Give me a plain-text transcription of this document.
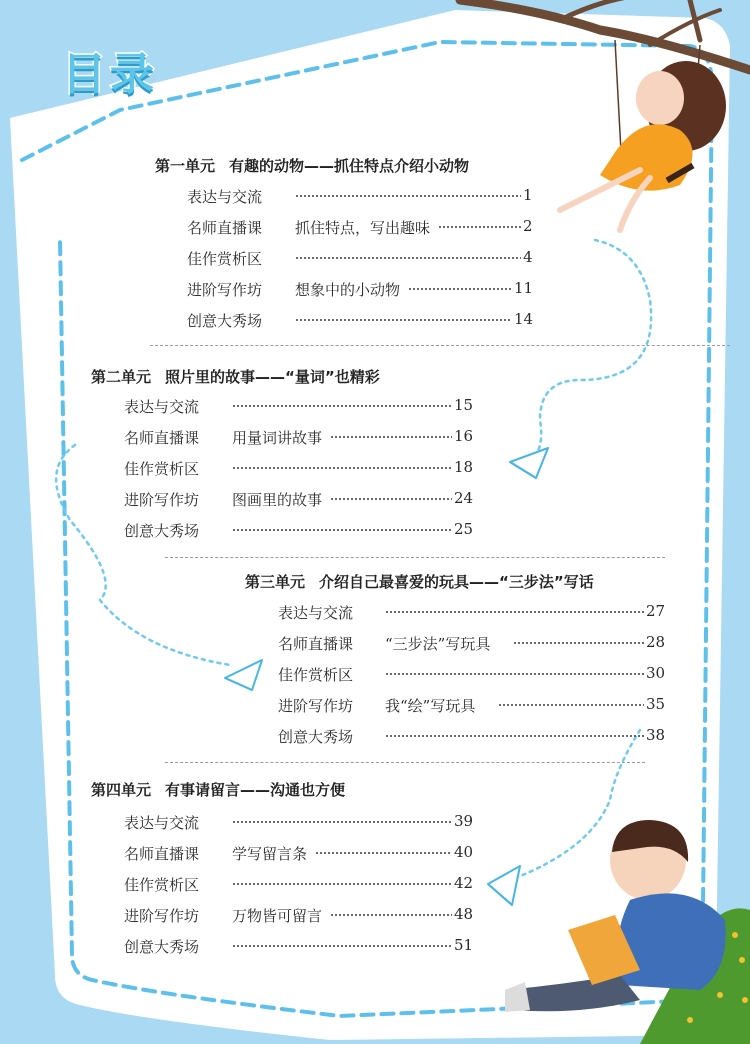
目录
第一单元 有趣的动物——抓住特点介绍小动物
表达与交流	1
名师直播课 抓住特点，写出趣味	2
佳作赏析区	4
进阶写作坊 想象中的小动物	11
创意大秀场	14
第二单元 照片里的故事——“量词”也精彩
表达与交流	15
名师直播课 用量词讲故事	16
佳作赏析区	18
进阶写作坊 图画里的故事	24
创意大秀场	25
第三单元 介绍自己最喜爱的玩具——“三步法”写话
表达与交流	27
名师直播课 “三步法”写玩具	28
佳作赏析区	30
进阶写作坊 我“绘”写玩具	35
创意大秀场	38
第四单元 有事请留言——沟通也方便
表达与交流	39
名师直播课 学写留言条	40
佳作赏析区	42
进阶写作坊 万物皆可留言	48
创意大秀场	51
